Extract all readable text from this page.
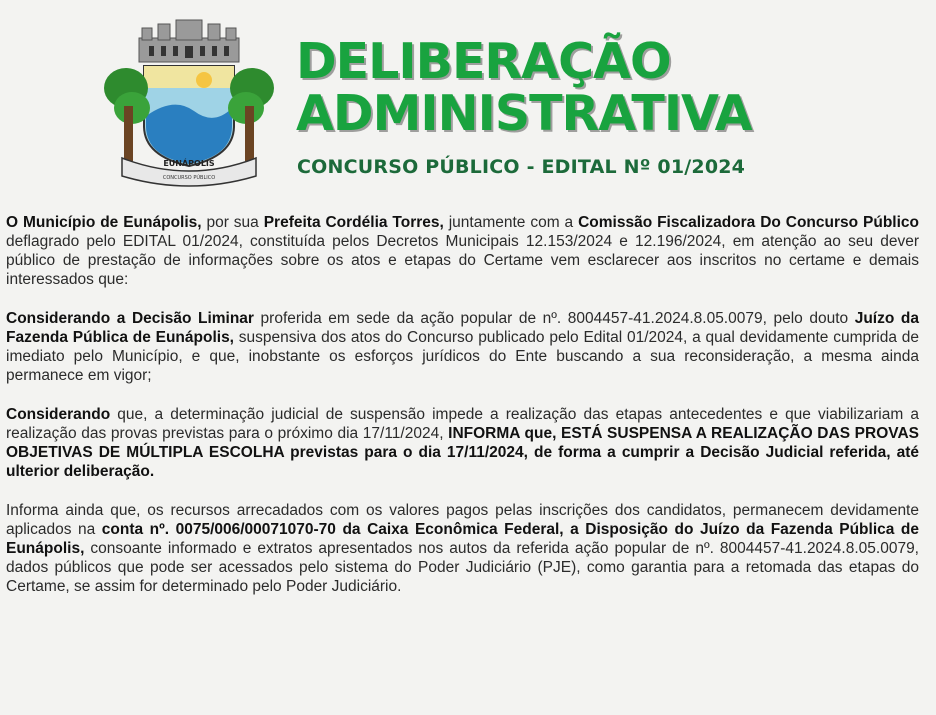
EUNÁPOLIS
CONCURSO PÚBLICO
DELIBERAÇÃO
ADMINISTRATIVA
CONCURSO PÚBLICO - EDITAL Nº 01/2024

O Município de Eunápolis, por sua Prefeita Cordélia Torres, juntamente com a Comissão Fiscalizadora Do Concurso Público deflagrado pelo EDITAL 01/2024, constituída pelos Decretos Municipais 12.153/2024 e 12.196/2024, em atenção ao seu dever público de prestação de informações sobre os atos e etapas do Certame vem esclarecer aos inscritos no certame e demais interessados que:

Considerando a Decisão Liminar proferida em sede da ação popular de nº. 8004457-41.2024.8.05.0079, pelo douto Juízo da Fazenda Pública de Eunápolis, suspensiva dos atos do Concurso publicado pelo Edital 01/2024, a qual devidamente cumprida de imediato pelo Município, e que, inobstante os esforços jurídicos do Ente buscando a sua reconsideração, a mesma ainda permanece em vigor;

Considerando que, a determinação judicial de suspensão impede a realização das etapas antecedentes e que viabilizariam a realização das provas previstas para o próximo dia 17/11/2024, INFORMA que, ESTÁ SUSPENSA A REALIZAÇÃO DAS PROVAS OBJETIVAS DE MÚLTIPLA ESCOLHA previstas para o dia 17/11/2024, de forma a cumprir a Decisão Judicial referida, até ulterior deliberação.

Informa ainda que, os recursos arrecadados com os valores pagos pelas inscrições dos candidatos, permanecem devidamente aplicados na conta nº. 0075/006/00071070-70 da Caixa Econômica Federal, a Disposição do Juízo da Fazenda Pública de Eunápolis, consoante informado e extratos apresentados nos autos da referida ação popular de nº. 8004457-41.2024.8.05.0079, dados públicos que pode ser acessados pelo sistema do Poder Judiciário (PJE), como garantia para a retomada das etapas do Certame, se assim for determinado pelo Poder Judiciário.
